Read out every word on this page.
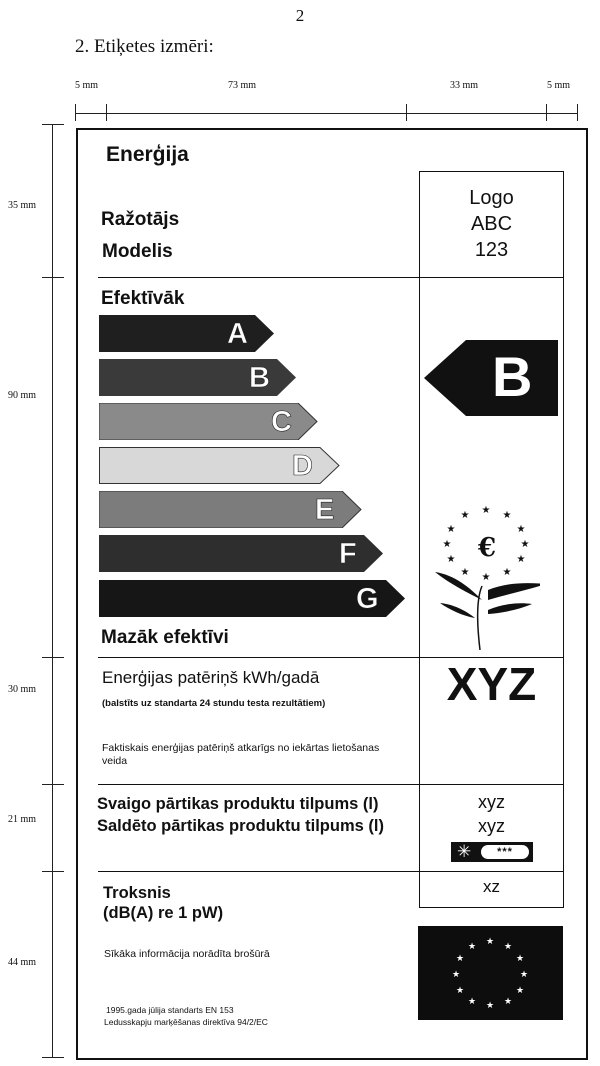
2
2. Etiķetes izmēri:
5 mm	73 mm	33 mm	5 mm
35 mm
90 mm
30 mm
21 mm
44 mm
Enerģija
Ražotājs
Modelis
Logo
ABC
123
Efektīvāk
A
B
C
D
E
F
G
Mazāk efektīvi
B
★ ★
★
★
★
★
★
★
★
★
★
★
€
Enerģijas patēriņš kWh/gadā
(balstīts uz standarta 24 stundu testa rezultātiem)
Faktiskais enerģijas patēriņš atkarīgs no iekārtas lietošanas veida
XYZ
Svaigo pārtikas produktu tilpums (l)
Saldēto pārtikas produktu tilpums (l)
xyz
xyz
✳	***
Troksnis
(dB(A) re 1 pW)
xz
Sīkāka informācija norādīta brošūrā
1995.gada jūlija standarts EN 153
Ledusskapju marķēšanas direktīva 94/2/EC
★ ★
★
★
★
★
★
★
★
★
★
★
